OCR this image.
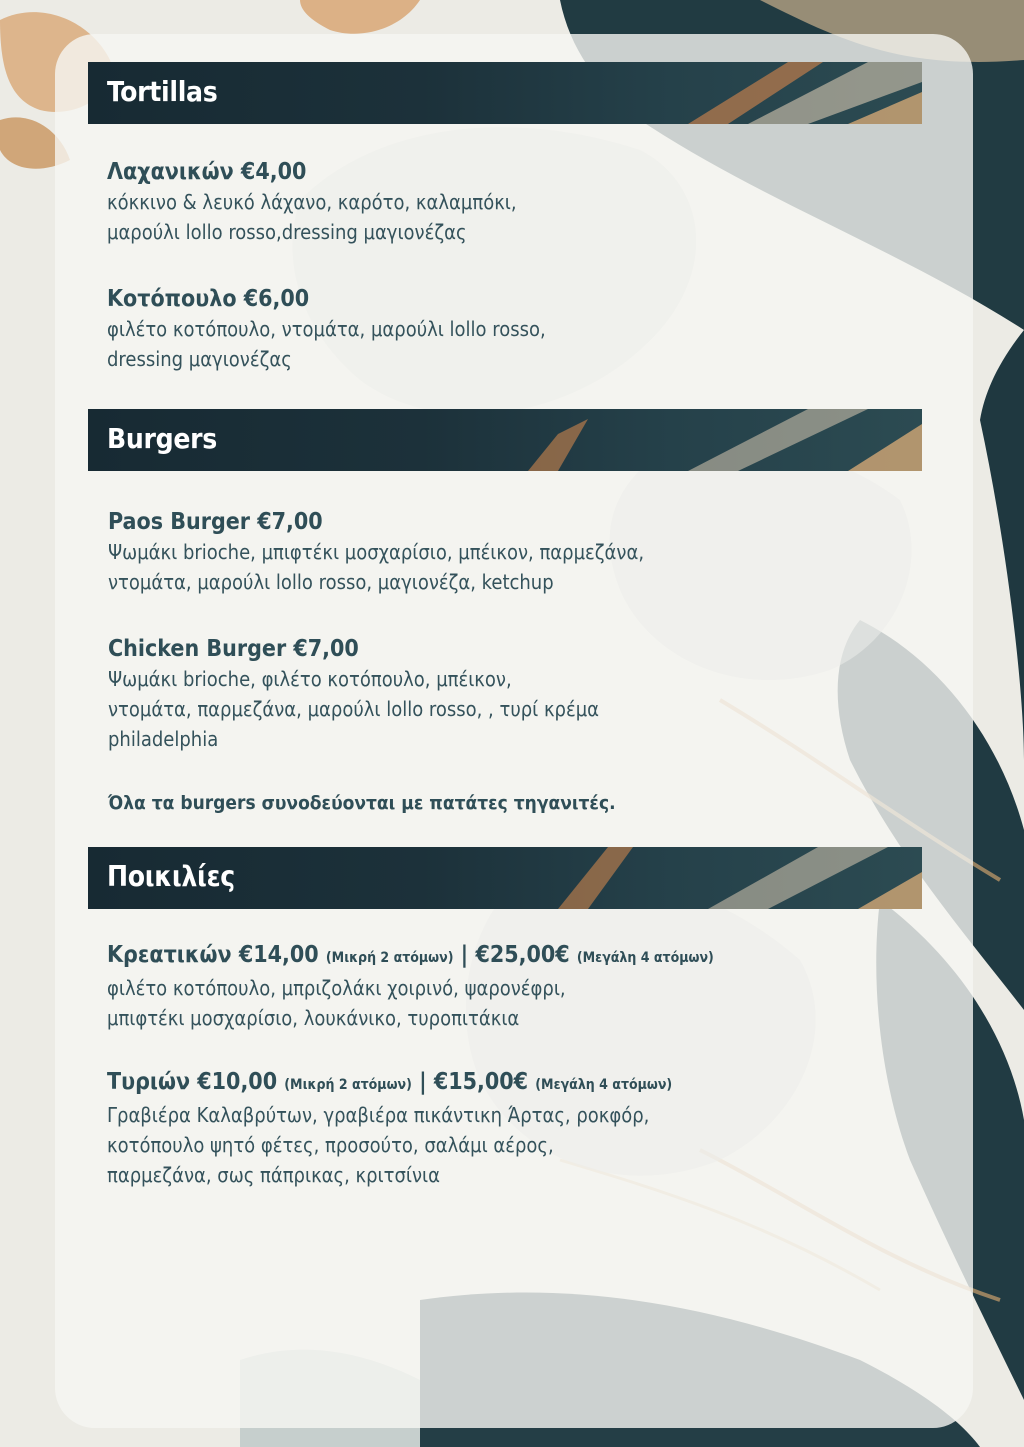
Tortillas
Λαχανικών €4,00
κόκκινο & λευκό λάχανο, καρότο, καλαμπόκι,
μαρούλι lollo rosso,dressing μαγιονέζας
Κοτόπουλο €6,00
φιλέτο κοτόπουλο, ντομάτα, μαρούλι lollo rosso,
dressing μαγιονέζας
Burgers
Paos Burger €7,00
Ψωμάκι brioche, μπιφτέκι μοσχαρίσιο, μπέικον, παρμεζάνα,
ντομάτα, μαρούλι lollo rosso, μαγιονέζα, ketchup
Chicken Burger €7,00
Ψωμάκι brioche, φιλέτο κοτόπουλο, μπέικον,
ντομάτα, παρμεζάνα, μαρούλι lollo rosso, , τυρί κρέμα
philadelphia
Όλα τα burgers συνοδεύονται με πατάτες τηγανιτές.
Ποικιλίες
Κρεατικών €14,00 (Μικρή 2 ατόμων) | €25,00€ (Μεγάλη 4 ατόμων)
φιλέτο κοτόπουλο, μπριζολάκι χοιρινό, ψαρονέφρι,
μπιφτέκι μοσχαρίσιο, λουκάνικο, τυροπιτάκια
Τυριών €10,00 (Μικρή 2 ατόμων) | €15,00€ (Μεγάλη 4 ατόμων)
Γραβιέρα Καλαβρύτων, γραβιέρα πικάντικη Άρτας, ροκφόρ,
κοτόπουλο ψητό φέτες, προσούτο, σαλάμι αέρος,
παρμεζάνα, σως πάπρικας, κριτσίνια
